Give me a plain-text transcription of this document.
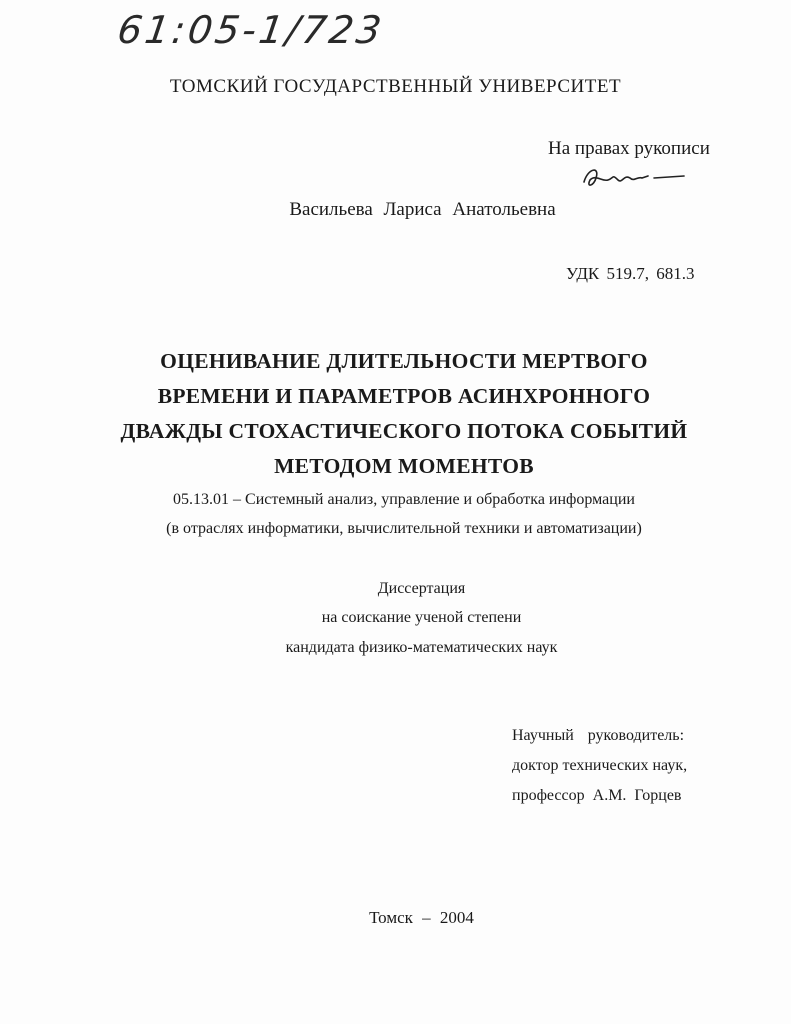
61:05-1/723
ТОМСКИЙ ГОСУДАРСТВЕННЫЙ УНИВЕРСИТЕТ
На правах рукописи
Васильева Лариса Анатольевна
УДК 519.7, 681.3
ОЦЕНИВАНИЕ ДЛИТЕЛЬНОСТИ МЕРТВОГО
ВРЕМЕНИ И ПАРАМЕТРОВ АСИНХРОННОГО
ДВАЖДЫ СТОХАСТИЧЕСКОГО ПОТОКА СОБЫТИЙ
МЕТОДОМ МОМЕНТОВ
05.13.01 – Системный анализ, управление и обработка информации
(в отраслях информатики, вычислительной техники и автоматизации)
Диссертация
на соискание ученой степени
кандидата физико-математических наук
Научный руководитель:
доктор технических наук,
профессор А.М. Горцев
Томск – 2004
